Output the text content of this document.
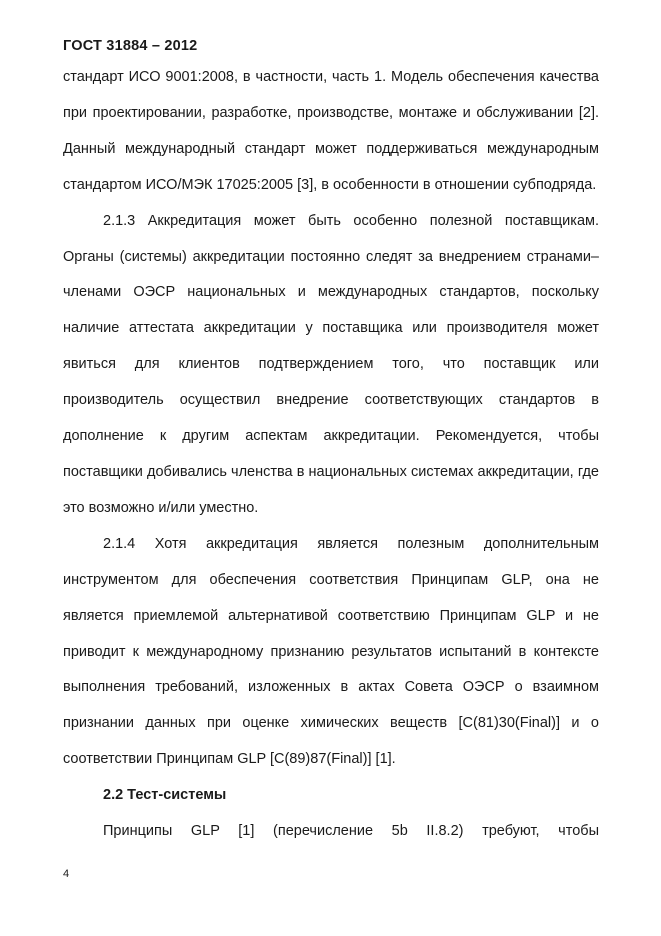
ГОСТ 31884 – 2012

стандарт ИСО 9001:2008, в частности, часть 1. Модель обеспечения качества при проектировании, разработке, производстве, монтаже и обслуживании [2]. Данный международный стандарт может поддерживаться международным стандартом ИСО/МЭК 17025:2005 [3], в особенности в отношении субподряда.

2.1.3 Аккредитация может быть особенно полезной поставщикам. Органы (системы) аккредитации постоянно следят за внедрением странами–членами ОЭСР национальных и международных стандартов, поскольку наличие аттестата аккредитации у поставщика или производителя может явиться для клиентов подтверждением того, что поставщик или производитель осуществил внедрение соответствующих стандартов в дополнение к другим аспектам аккредитации. Рекомендуется, чтобы поставщики добивались членства в национальных системах аккредитации, где это возможно и/или уместно.

2.1.4 Хотя аккредитация является полезным дополнительным инструментом для обеспечения соответствия Принципам GLP, она не является приемлемой альтернативой соответствию Принципам GLP и не приводит к международному признанию результатов испытаний в контексте выполнения требований, изложенных в актах Совета ОЭСР о взаимном признании данных при оценке химических веществ [C(81)30(Final)] и о соответствии Принципам GLP [C(89)87(Final)] [1].

2.2 Тест-системы

Принципы GLP [1] (перечисление 5b II.8.2) требуют, чтобы

4
